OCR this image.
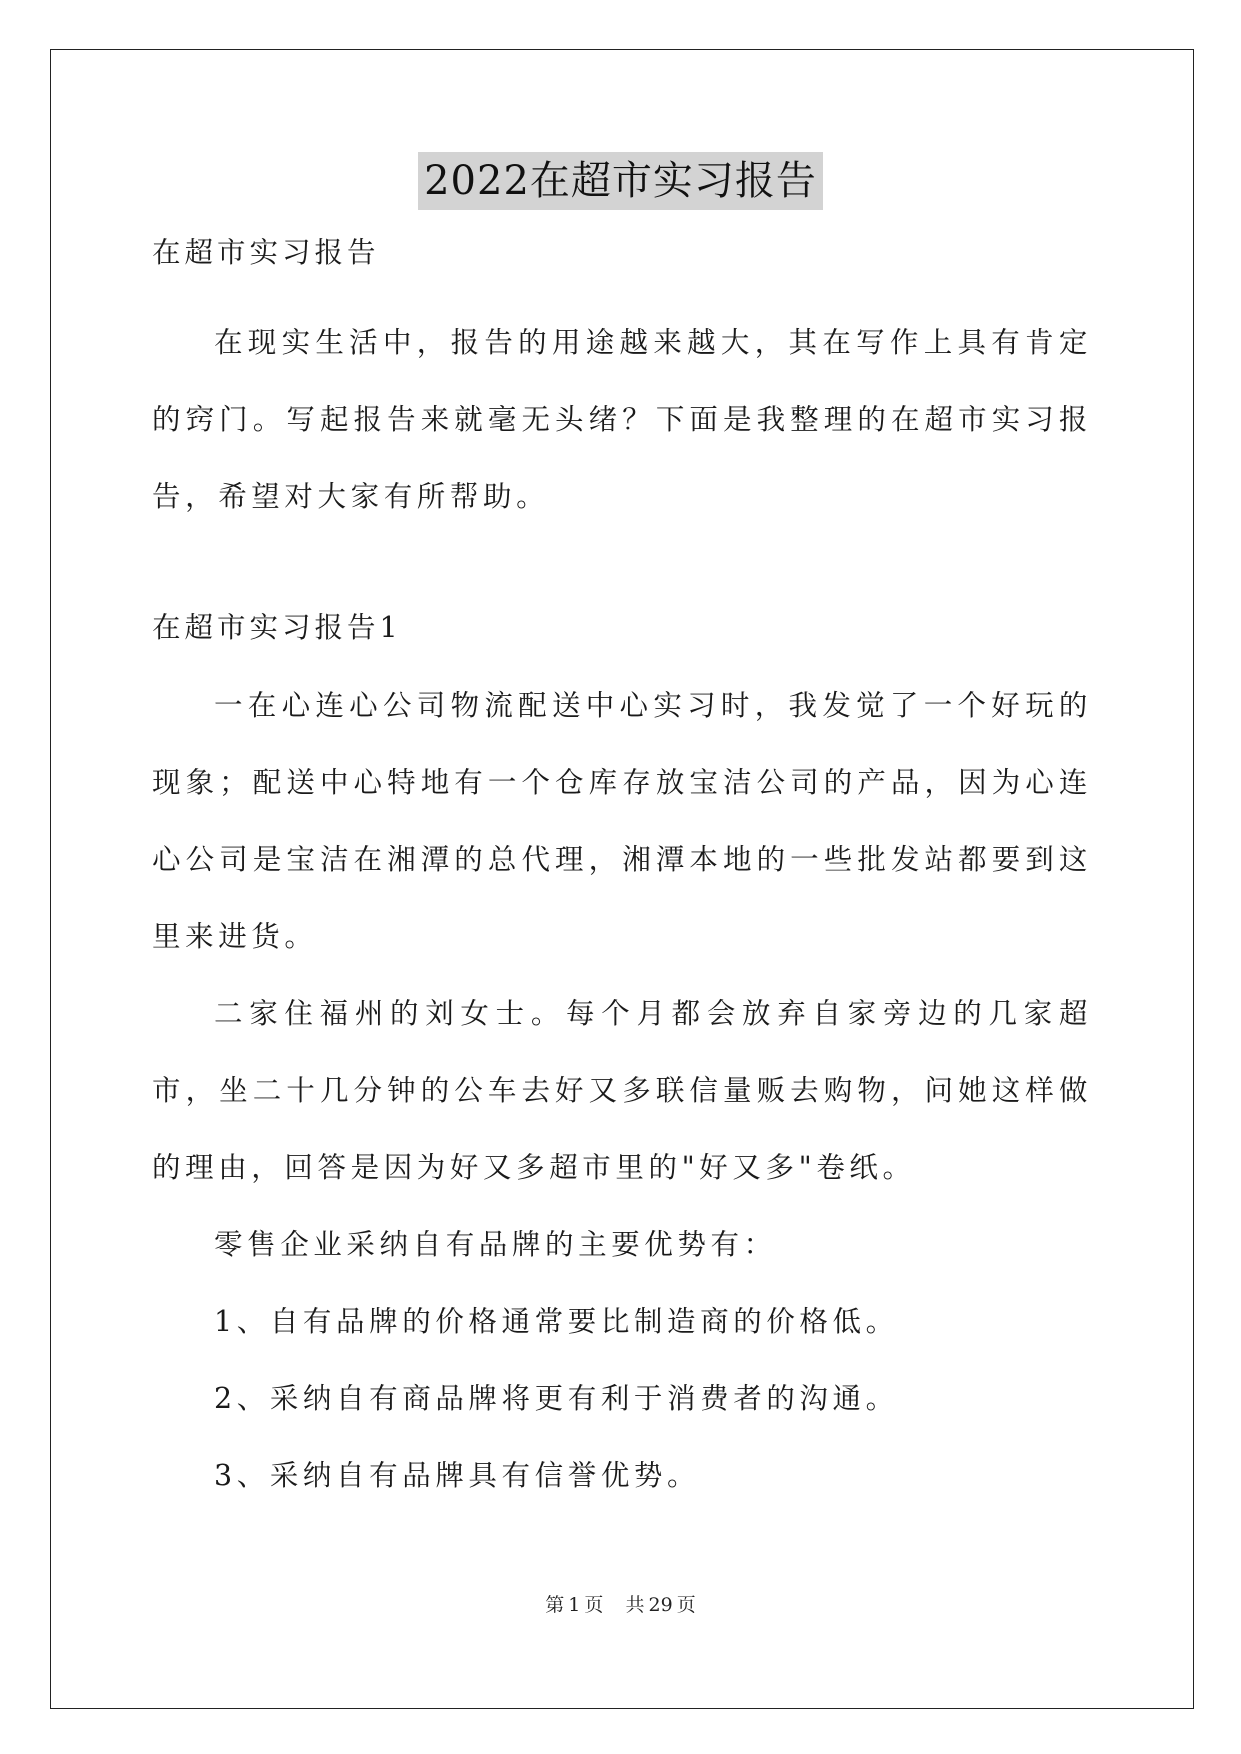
2022在超市实习报告

在超市实习报告

在现实生活中，报告的用途越来越大，其在写作上具有肯定的窍门。写起报告来就毫无头绪？下面是我整理的在超市实习报告，希望对大家有所帮助。

在超市实习报告1

一在心连心公司物流配送中心实习时，我发觉了一个好玩的现象；配送中心特地有一个仓库存放宝洁公司的产品，因为心连心公司是宝洁在湘潭的总代理，湘潭本地的一些批发站都要到这里来进货。

二家住福州的刘女士。每个月都会放弃自家旁边的几家超市，坐二十几分钟的公车去好又多联信量贩去购物，问她这样做的理由，回答是因为好又多超市里的"好又多"卷纸。

零售企业采纳自有品牌的主要优势有：

1、自有品牌的价格通常要比制造商的价格低。

2、采纳自有商品牌将更有利于消费者的沟通。

3、采纳自有品牌具有信誉优势。

第 1 页 共 29 页
